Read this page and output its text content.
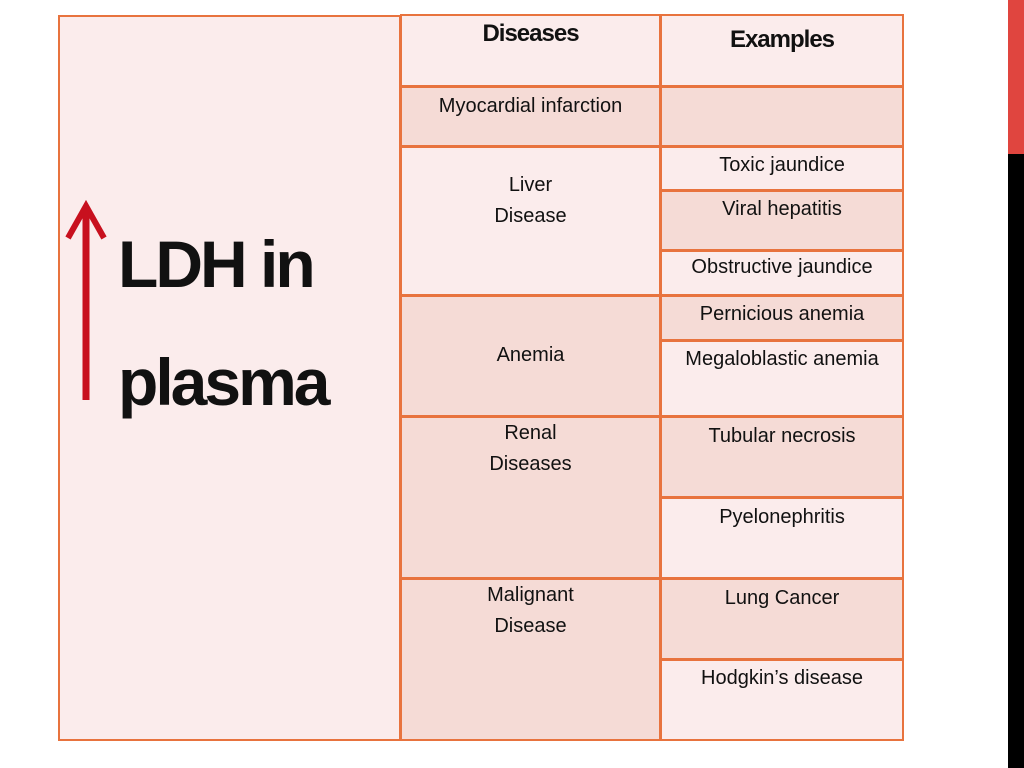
LDH in
plasma
Diseases	Examples
Myocardial infarction
Liver
Disease
Toxic jaundice
Viral hepatitis
Obstructive jaundice
Anemia
Pernicious anemia
Megaloblastic anemia
Renal
Diseases
Tubular necrosis
Pyelonephritis
Malignant
Disease
Lung Cancer
Hodgkin’s disease
